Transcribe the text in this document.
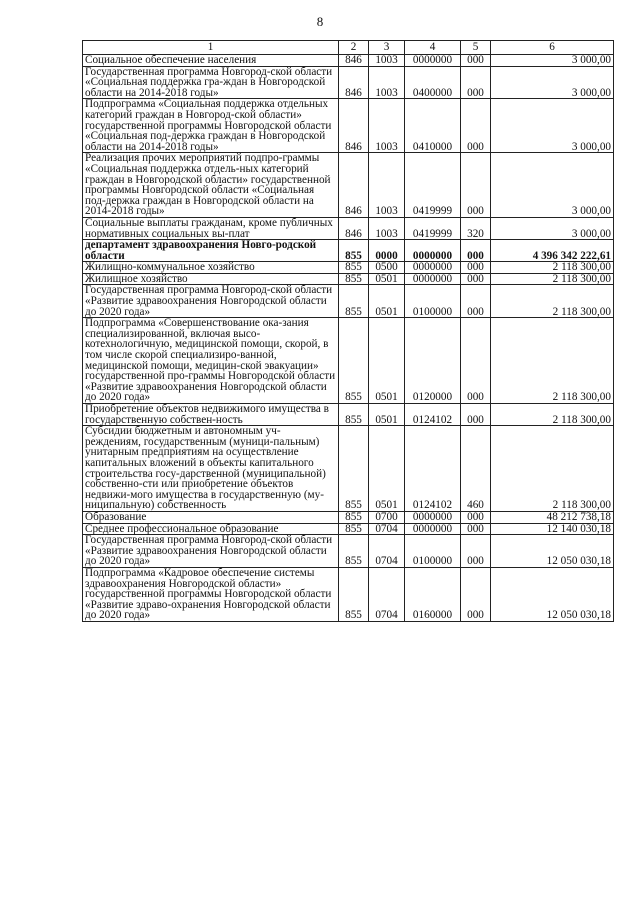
8
1	2	3	4	5	6
Социальное обеспечение населения	846	1003	0000000	000	3 000,00
Государственная программа Новгород-ской области «Социальная поддержка гра-ждан в Новгородской области на 2014-2018 годы»	846	1003	0400000	000	3 000,00
Подпрограмма «Социальная поддержка отдельных категорий граждан в Новгород-ской области» государственной программы Новгородской области «Социальная под-держка граждан в Новгородской области на 2014-2018 годы»	846	1003	0410000	000	3 000,00
Реализация прочих мероприятий подпро-граммы «Социальная поддержка отдель-ных категорий граждан в Новгородской области» государственной программы Новгородской области «Социальная под-держка граждан в Новгородской области на 2014-2018 годы»	846	1003	0419999	000	3 000,00
Социальные выплаты гражданам, кроме публичных нормативных социальных вы-плат	846	1003	0419999	320	3 000,00
департамент здравоохранения Новго-родской области	855	0000	0000000	000	4 396 342 222,61
Жилищно-коммунальное хозяйство	855	0500	0000000	000	2 118 300,00
Жилищное хозяйство	855	0501	0000000	000	2 118 300,00
Государственная программа Новгород-ской области «Развитие здравоохранения Новгородской области до 2020 года»	855	0501	0100000	000	2 118 300,00
Подпрограмма «Совершенствование ока-зания специализированной, включая высо-котехнологичную, медицинской помощи, скорой, в том числе скорой специализиро-ванной, медицинской помощи, медицин-ской эвакуации» государственной про-граммы Новгородской области «Развитие здравоохранения Новгородской области до 2020 года»	855	0501	0120000	000	2 118 300,00
Приобретение объектов недвижимого имущества в государственную собствен-ность	855	0501	0124102	000	2 118 300,00
Субсидии бюджетным и автономным уч-реждениям, государственным (муници-пальным) унитарным предприятиям на осуществление капитальных вложений в объекты капитального строительства госу-дарственной (муниципальной) собственно-сти или приобретение объектов недвижи-мого имущества в государственную (му-ниципальную) собственность	855	0501	0124102	460	2 118 300,00
Образование	855	0700	0000000	000	48 212 738,18
Среднее профессиональное образование	855	0704	0000000	000	12 140 030,18
Государственная программа Новгород-ской области «Развитие здравоохранения Новгородской области до 2020 года»	855	0704	0100000	000	12 050 030,18
Подпрограмма «Кадровое обеспечение системы здравоохранения Новгородской области» государственной программы Новгородской области «Развитие здраво-охранения Новгородской области до 2020 года»	855	0704	0160000	000	12 050 030,18
